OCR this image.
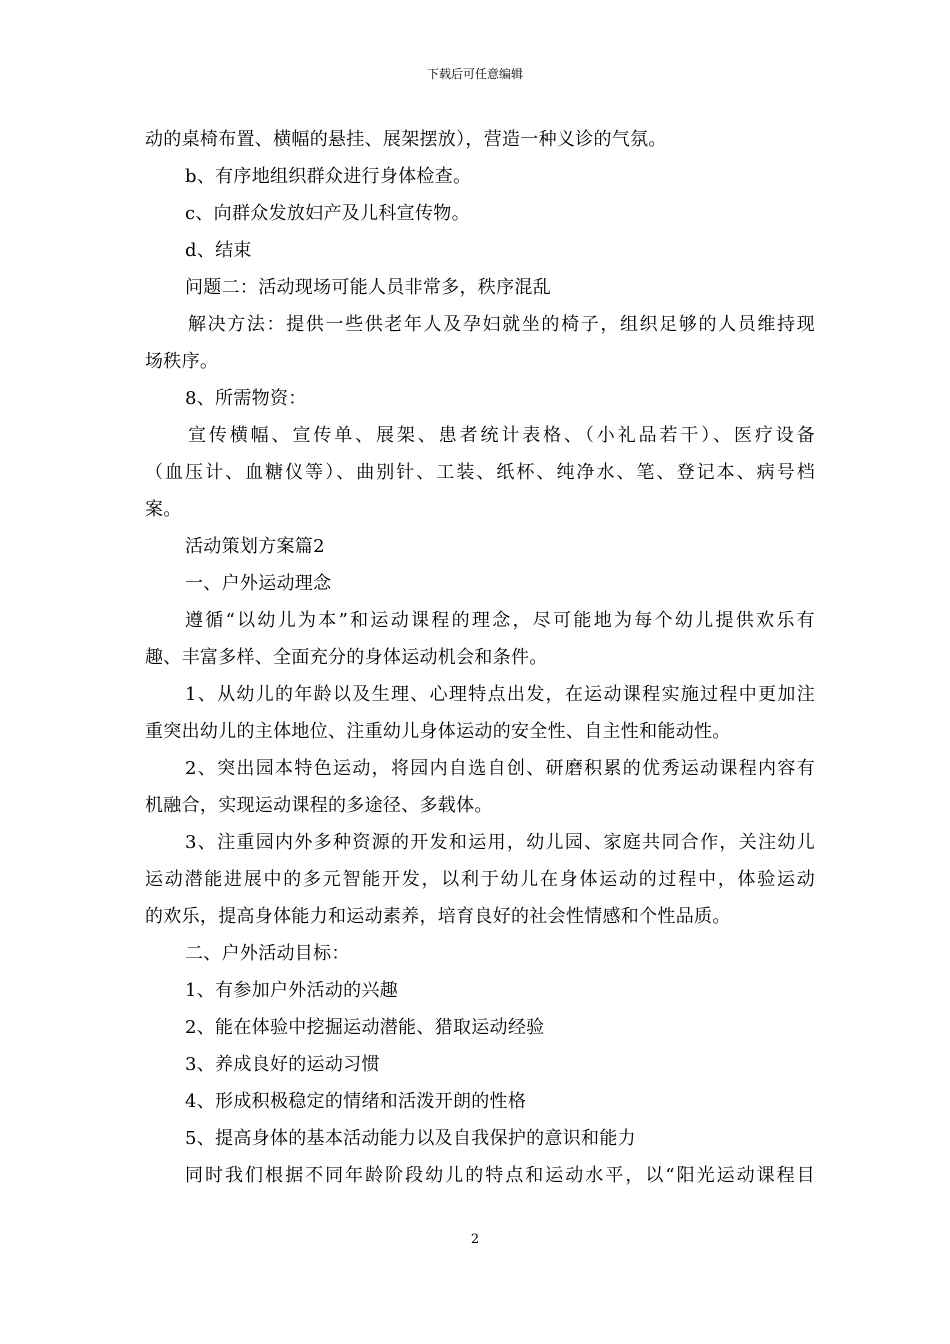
下载后可任意编辑
动的桌椅布置、横幅的悬挂、展架摆放），营造一种义诊的气氛。
b、有序地组织群众进行身体检查。
c、向群众发放妇产及儿科宣传物。
d、结束
问题二：活动现场可能人员非常多，秩序混乱
解决方法：提供一些供老年人及孕妇就坐的椅子，组织足够的人员维持现
场秩序。
8、所需物资：
宣传横幅、宣传单、展架、患者统计表格、（小礼品若干）、医疗设备
（血压计、血糖仪等）、曲别针、工装、纸杯、纯净水、笔、登记本、病号档
案。
活动策划方案篇2
一、户外运动理念
遵循“以幼儿为本”和运动课程的理念，尽可能地为每个幼儿提供欢乐有
趣、丰富多样、全面充分的身体运动机会和条件。
1、从幼儿的年龄以及生理、心理特点出发，在运动课程实施过程中更加注
重突出幼儿的主体地位、注重幼儿身体运动的安全性、自主性和能动性。
2、突出园本特色运动，将园内自选自创、研磨积累的优秀运动课程内容有
机融合，实现运动课程的多途径、多载体。
3、注重园内外多种资源的开发和运用，幼儿园、家庭共同合作，关注幼儿
运动潜能进展中的多元智能开发，以利于幼儿在身体运动的过程中，体验运动
的欢乐，提高身体能力和运动素养，培育良好的社会性情感和个性品质。
二、户外活动目标：
1、有参加户外活动的兴趣
2、能在体验中挖掘运动潜能、猎取运动经验
3、养成良好的运动习惯
4、形成积极稳定的情绪和活泼开朗的性格
5、提高身体的基本活动能力以及自我保护的意识和能力
同时我们根据不同年龄阶段幼儿的特点和运动水平，以“阳光运动课程目
2
